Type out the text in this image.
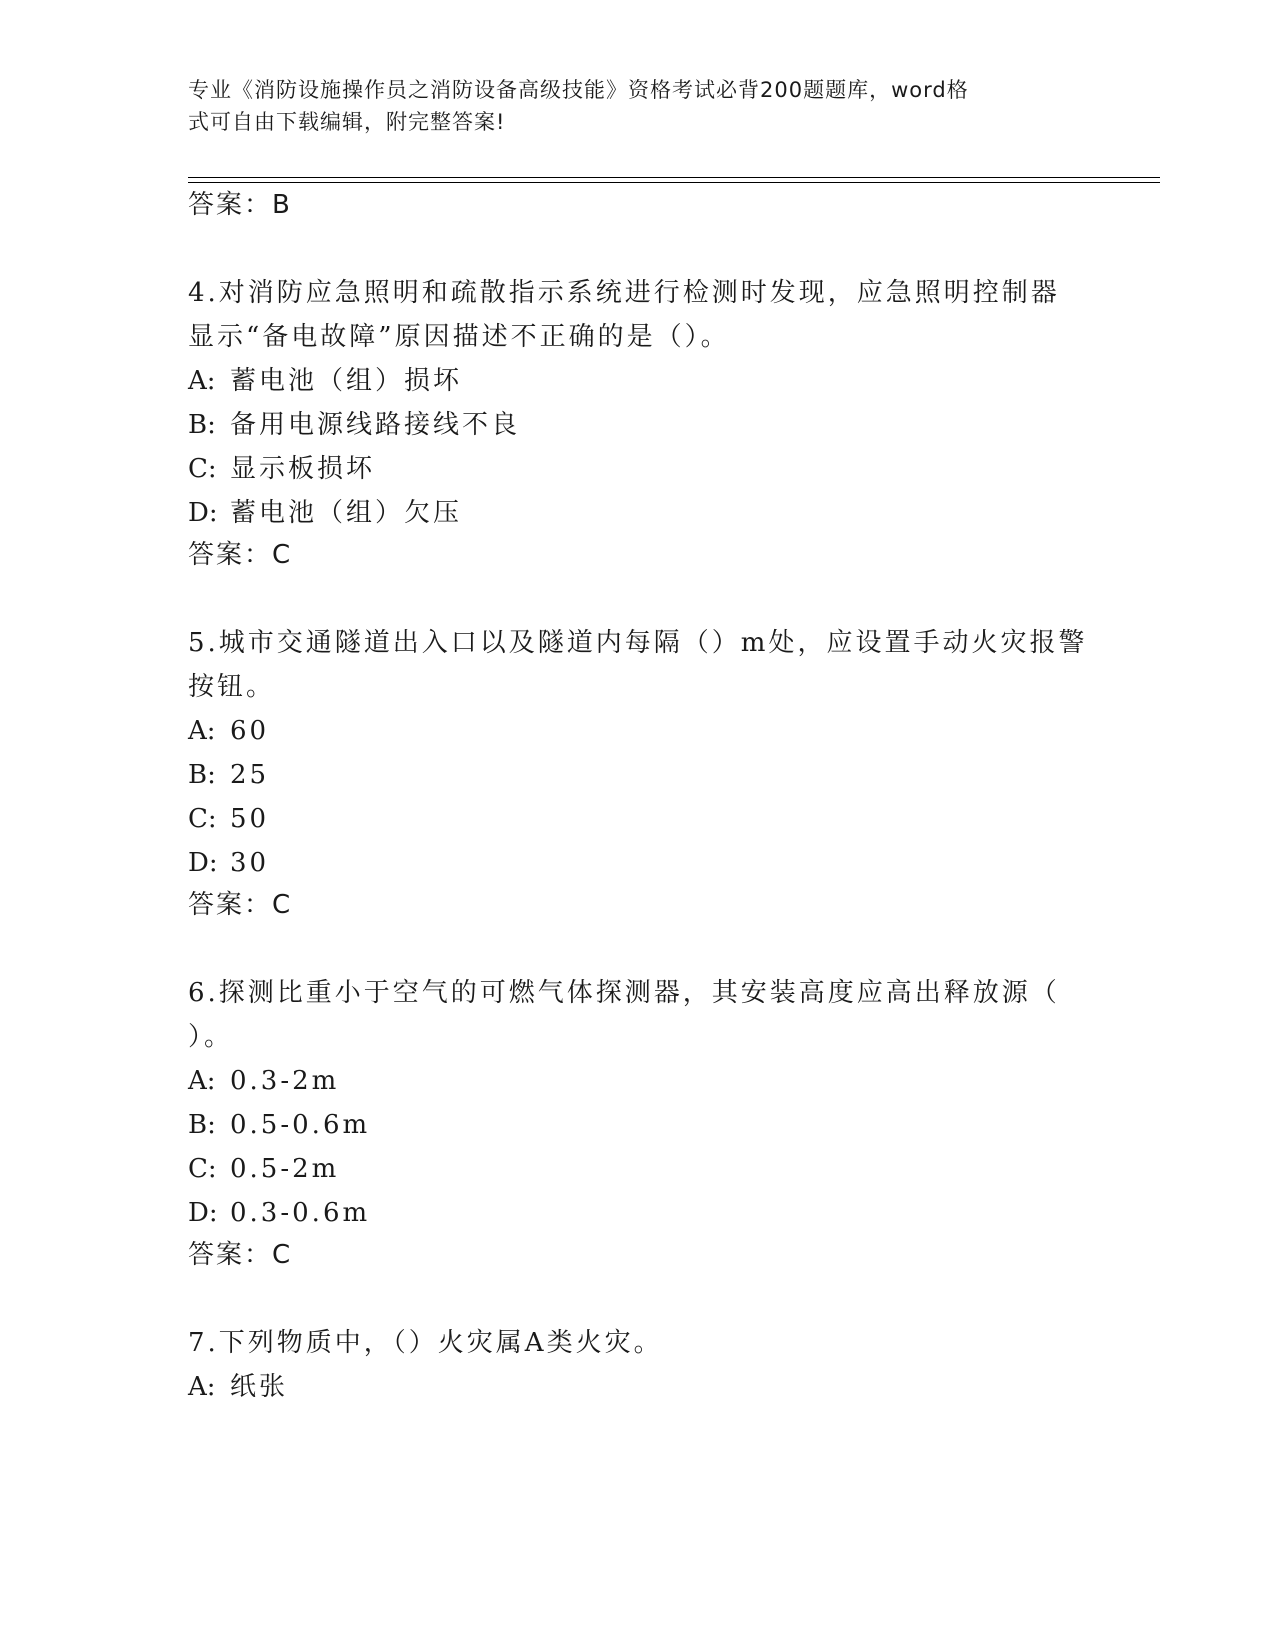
专业《消防设施操作员之消防设备高级技能》资格考试必背200题题库，word格
式可自由下载编辑，附完整答案!
答案：B
4.对消防应急照明和疏散指示系统进行检测时发现，应急照明控制器
显示“备电故障”原因描述不正确的是（）。
A: 蓄电池（组）损坏
B: 备用电源线路接线不良
C: 显示板损坏
D: 蓄电池（组）欠压
答案：C
5.城市交通隧道出入口以及隧道内每隔（）m处，应设置手动火灾报警
按钮。
A: 60
B: 25
C: 50
D: 30
答案：C
6.探测比重小于空气的可燃气体探测器，其安装高度应高出释放源（
）。
A: 0.3-2m
B: 0.5-0.6m
C: 0.5-2m
D: 0.3-0.6m
答案：C
7.下列物质中，（）火灾属A类火灾。
A: 纸张
